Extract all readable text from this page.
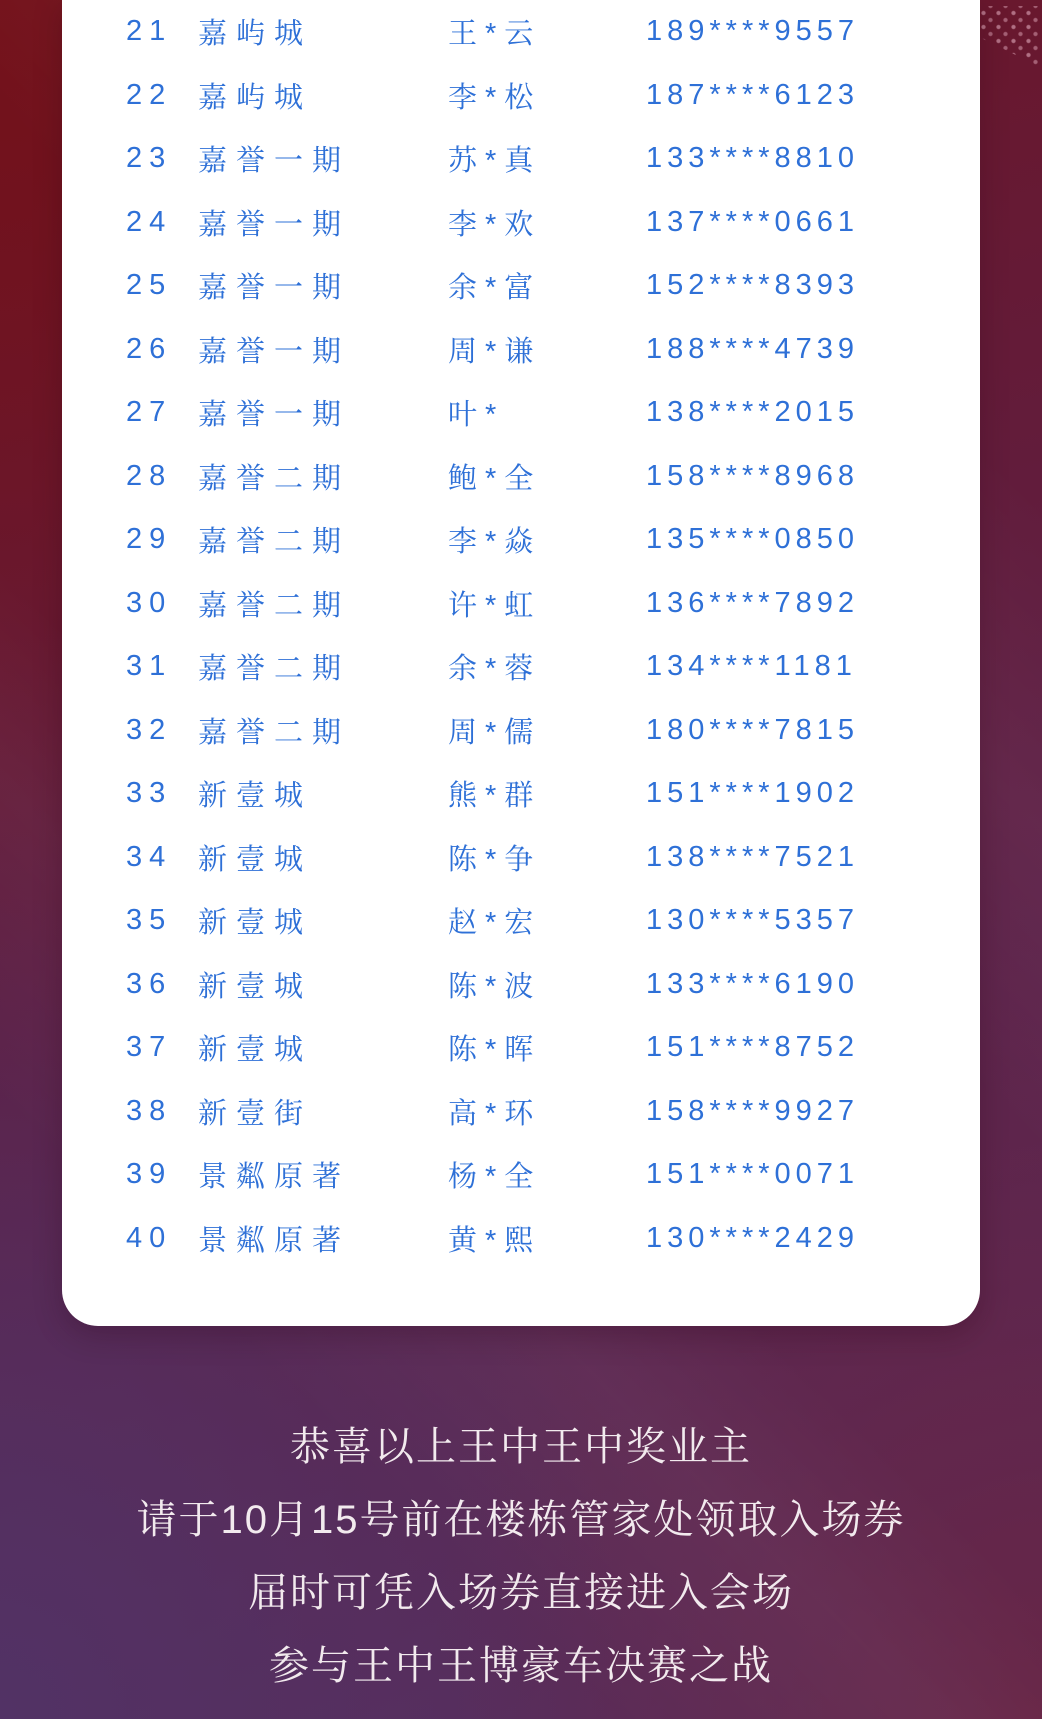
21 嘉屿城	王*云	189****9557
22 嘉屿城	李*松	187****6123
23 嘉誉一期	苏*真	133****8810
24 嘉誉一期	李*欢	137****0661
25 嘉誉一期	余*富	152****8393
26 嘉誉一期	周*谦	188****4739
27 嘉誉一期	叶*	138****2015
28 嘉誉二期	鲍*全	158****8968
29 嘉誉二期	李*焱	135****0850
30 嘉誉二期	许*虹	136****7892
31 嘉誉二期	余*蓉	134****1181
32 嘉誉二期	周*儒	180****7815
33 新壹城	熊*群	151****1902
34 新壹城	陈*争	138****7521
35 新壹城	赵*宏	130****5357
36 新壹城	陈*波	133****6190
37 新壹城	陈*晖	151****8752
38 新壹街	高*环	158****9927
39 景粼原著	杨*全	151****0071
40 景粼原著	黄*熙	130****2429
恭喜以上王中王中奖业主
请于10月15号前在楼栋管家处领取入场券
届时可凭入场券直接进入会场
参与王中王博豪车决赛之战
